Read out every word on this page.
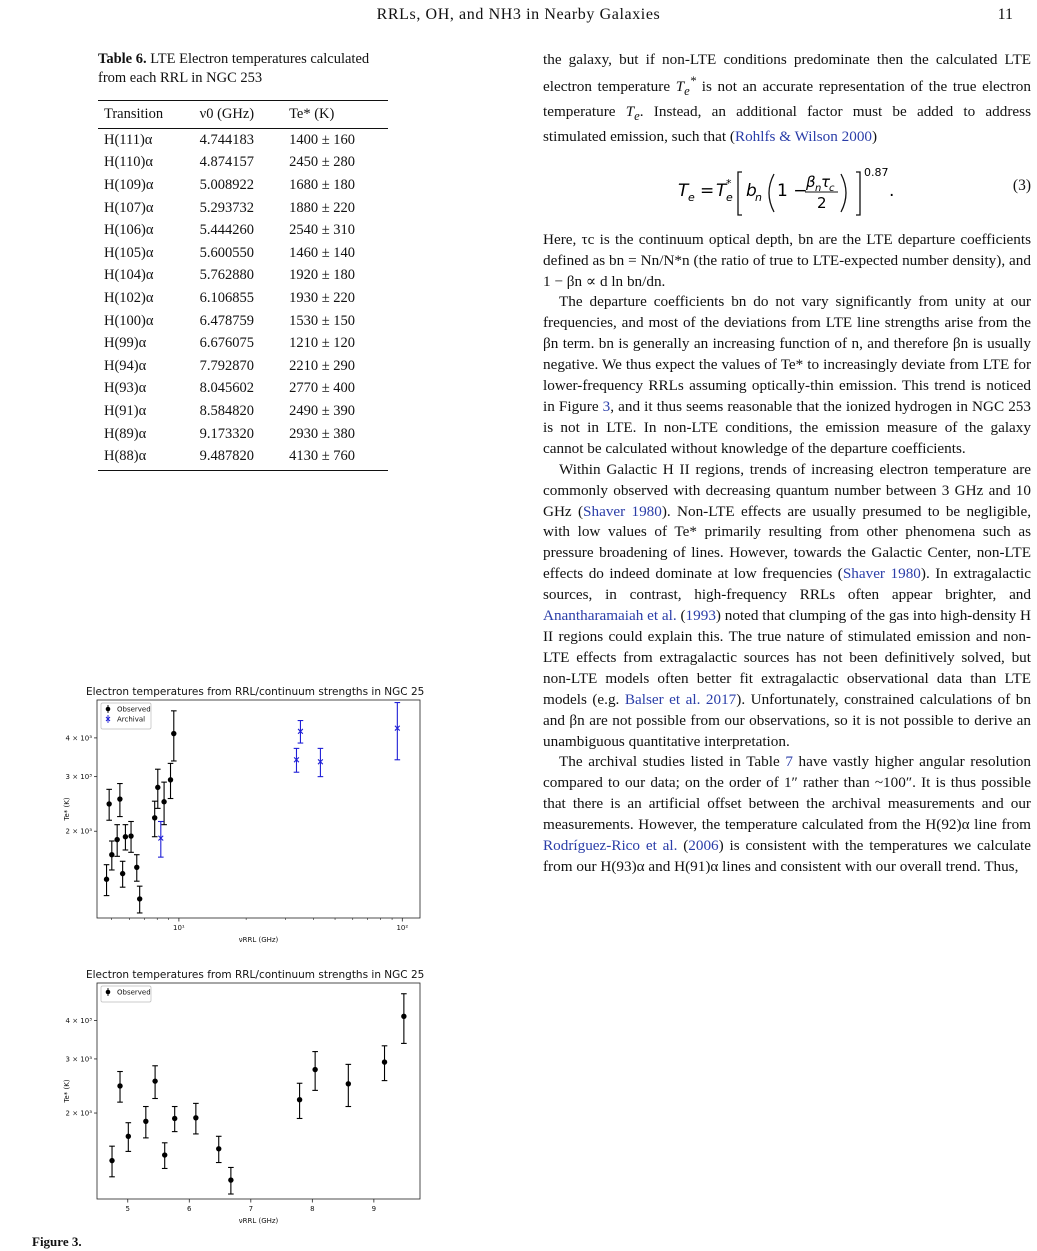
RRLs, OH, and NH3 in Nearby Galaxies	11
Table 6. LTE Electron temperatures calculated from each RRL in NGC 253
Transition	ν0 (GHz)	Te* (K)
H(111)α	4.744183	1400 ± 160
H(110)α	4.874157	2450 ± 280
H(109)α	5.008922	1680 ± 180
H(107)α	5.293732	1880 ± 220
H(106)α	5.444260	2540 ± 310
H(105)α	5.600550	1460 ± 140
H(104)α	5.762880	1920 ± 180
H(102)α	6.106855	1930 ± 220
H(100)α	6.478759	1530 ± 150
H(99)α	6.676075	1210 ± 120
H(94)α	7.792870	2210 ± 290
H(93)α	8.045602	2770 ± 400
H(91)α	8.584820	2490 ± 390
H(89)α	9.173320	2930 ± 380
H(88)α	9.487820	4130 ± 760
Electron temperatures from RRL/continuum strengths in NGC 253
2 × 10³
3 × 10³
4 × 10³
10¹	10²
νRRL (GHz)
Te* (K)
Observed
Archival
Electron temperatures from RRL/continuum strengths in NGC 253
2 × 10³
3 × 10³
4 × 10³
5	6	7	8	9
νRRL (GHz)
Te* (K)
Observed
Figure 3.

the galaxy, but if non-LTE conditions predominate then the calculated LTE electron temperature $T_e^*$ is not an accurate representation of the true electron temperature $T_e$. Instead, an additional factor must be added to address stimulated emission, such that (Rohlfs & Wilson 2000)

T e = T e
* b
n 1 −
β n τ
c
2
0.87
.	(3)

Here, τc is the continuum optical depth, bn are the LTE departure coefficients defined as bn = Nn/N*n (the ratio of true to LTE-expected number density), and 1 − βn ∝ d ln bn/dn.

The departure coefficients bn do not vary significantly from unity at our frequencies, and most of the deviations from LTE line strengths arise from the βn term. bn is generally an increasing function of n, and therefore βn is usually negative. We thus expect the values of Te* to increasingly deviate from LTE for lower-frequency RRLs assuming optically-thin emission. This trend is noticed in Figure 3, and it thus seems reasonable that the ionized hydrogen in NGC 253 is not in LTE. In non-LTE conditions, the emission measure of the galaxy cannot be calculated without knowledge of the departure coefficients.

Within Galactic H II regions, trends of increasing electron temperature are commonly observed with decreasing quantum number between 3 GHz and 10 GHz (Shaver 1980). Non-LTE effects are usually presumed to be negligible, with low values of Te* primarily resulting from other phenomena such as pressure broadening of lines. However, towards the Galactic Center, non-LTE effects do indeed dominate at low frequencies (Shaver 1980). In extragalactic sources, in contrast, high-frequency RRLs often appear brighter, and Anantharamaiah et al. (1993) noted that clumping of the gas into high-density H II regions could explain this. The true nature of stimulated emission and non-LTE effects from extragalactic sources has not been definitively solved, but non-LTE models often better fit extragalactic observational data than LTE models (e.g. Balser et al. 2017). Unfortunately, constrained calculations of bn and βn are not possible from our observations, so it is not possible to derive an unambiguous quantitative interpretation.

The archival studies listed in Table 7 have vastly higher angular resolution compared to our data; on the order of 1″ rather than ~100″. It is thus possible that there is an artificial offset between the archival measurements and our measurements. However, the temperature calculated from the H(92)α line from Rodríguez-Rico et al. (2006) is consistent with the temperatures we calculate from our H(93)α and H(91)α lines and consistent with our overall trend. Thus,
